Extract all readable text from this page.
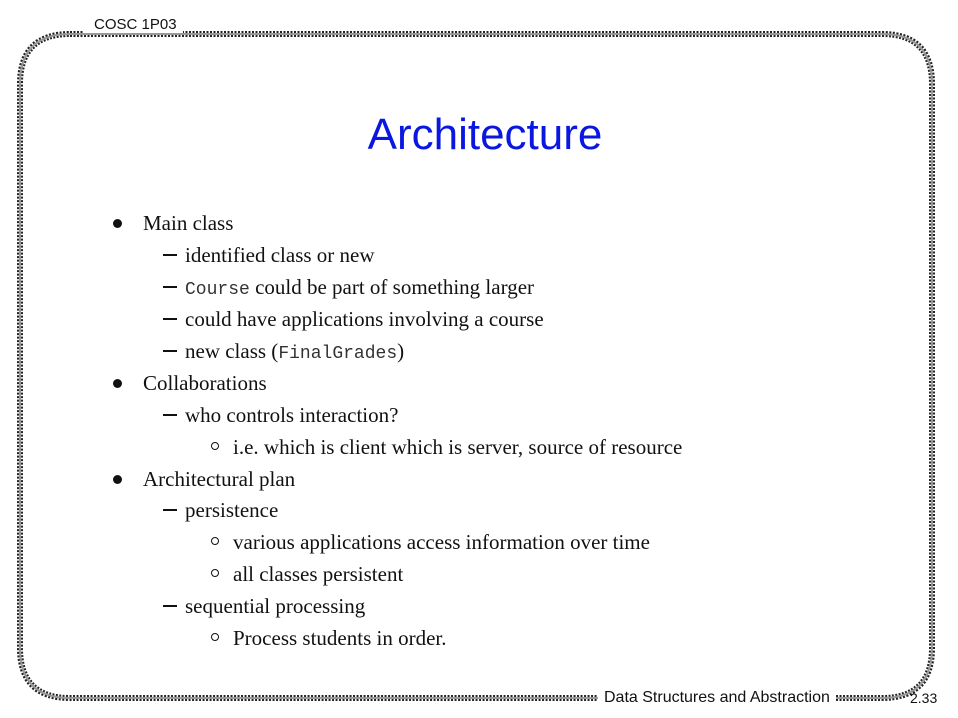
COSC 1P03
Data Structures and Abstraction	2.33
Architecture
Main class
identified class or new
Course could be part of something larger
could have applications involving a course
new class (FinalGrades)
Collaborations
who controls interaction?
i.e. which is client which is server, source of resource
Architectural plan
persistence
various applications access information over time
all classes persistent
sequential processing
Process students in order.
